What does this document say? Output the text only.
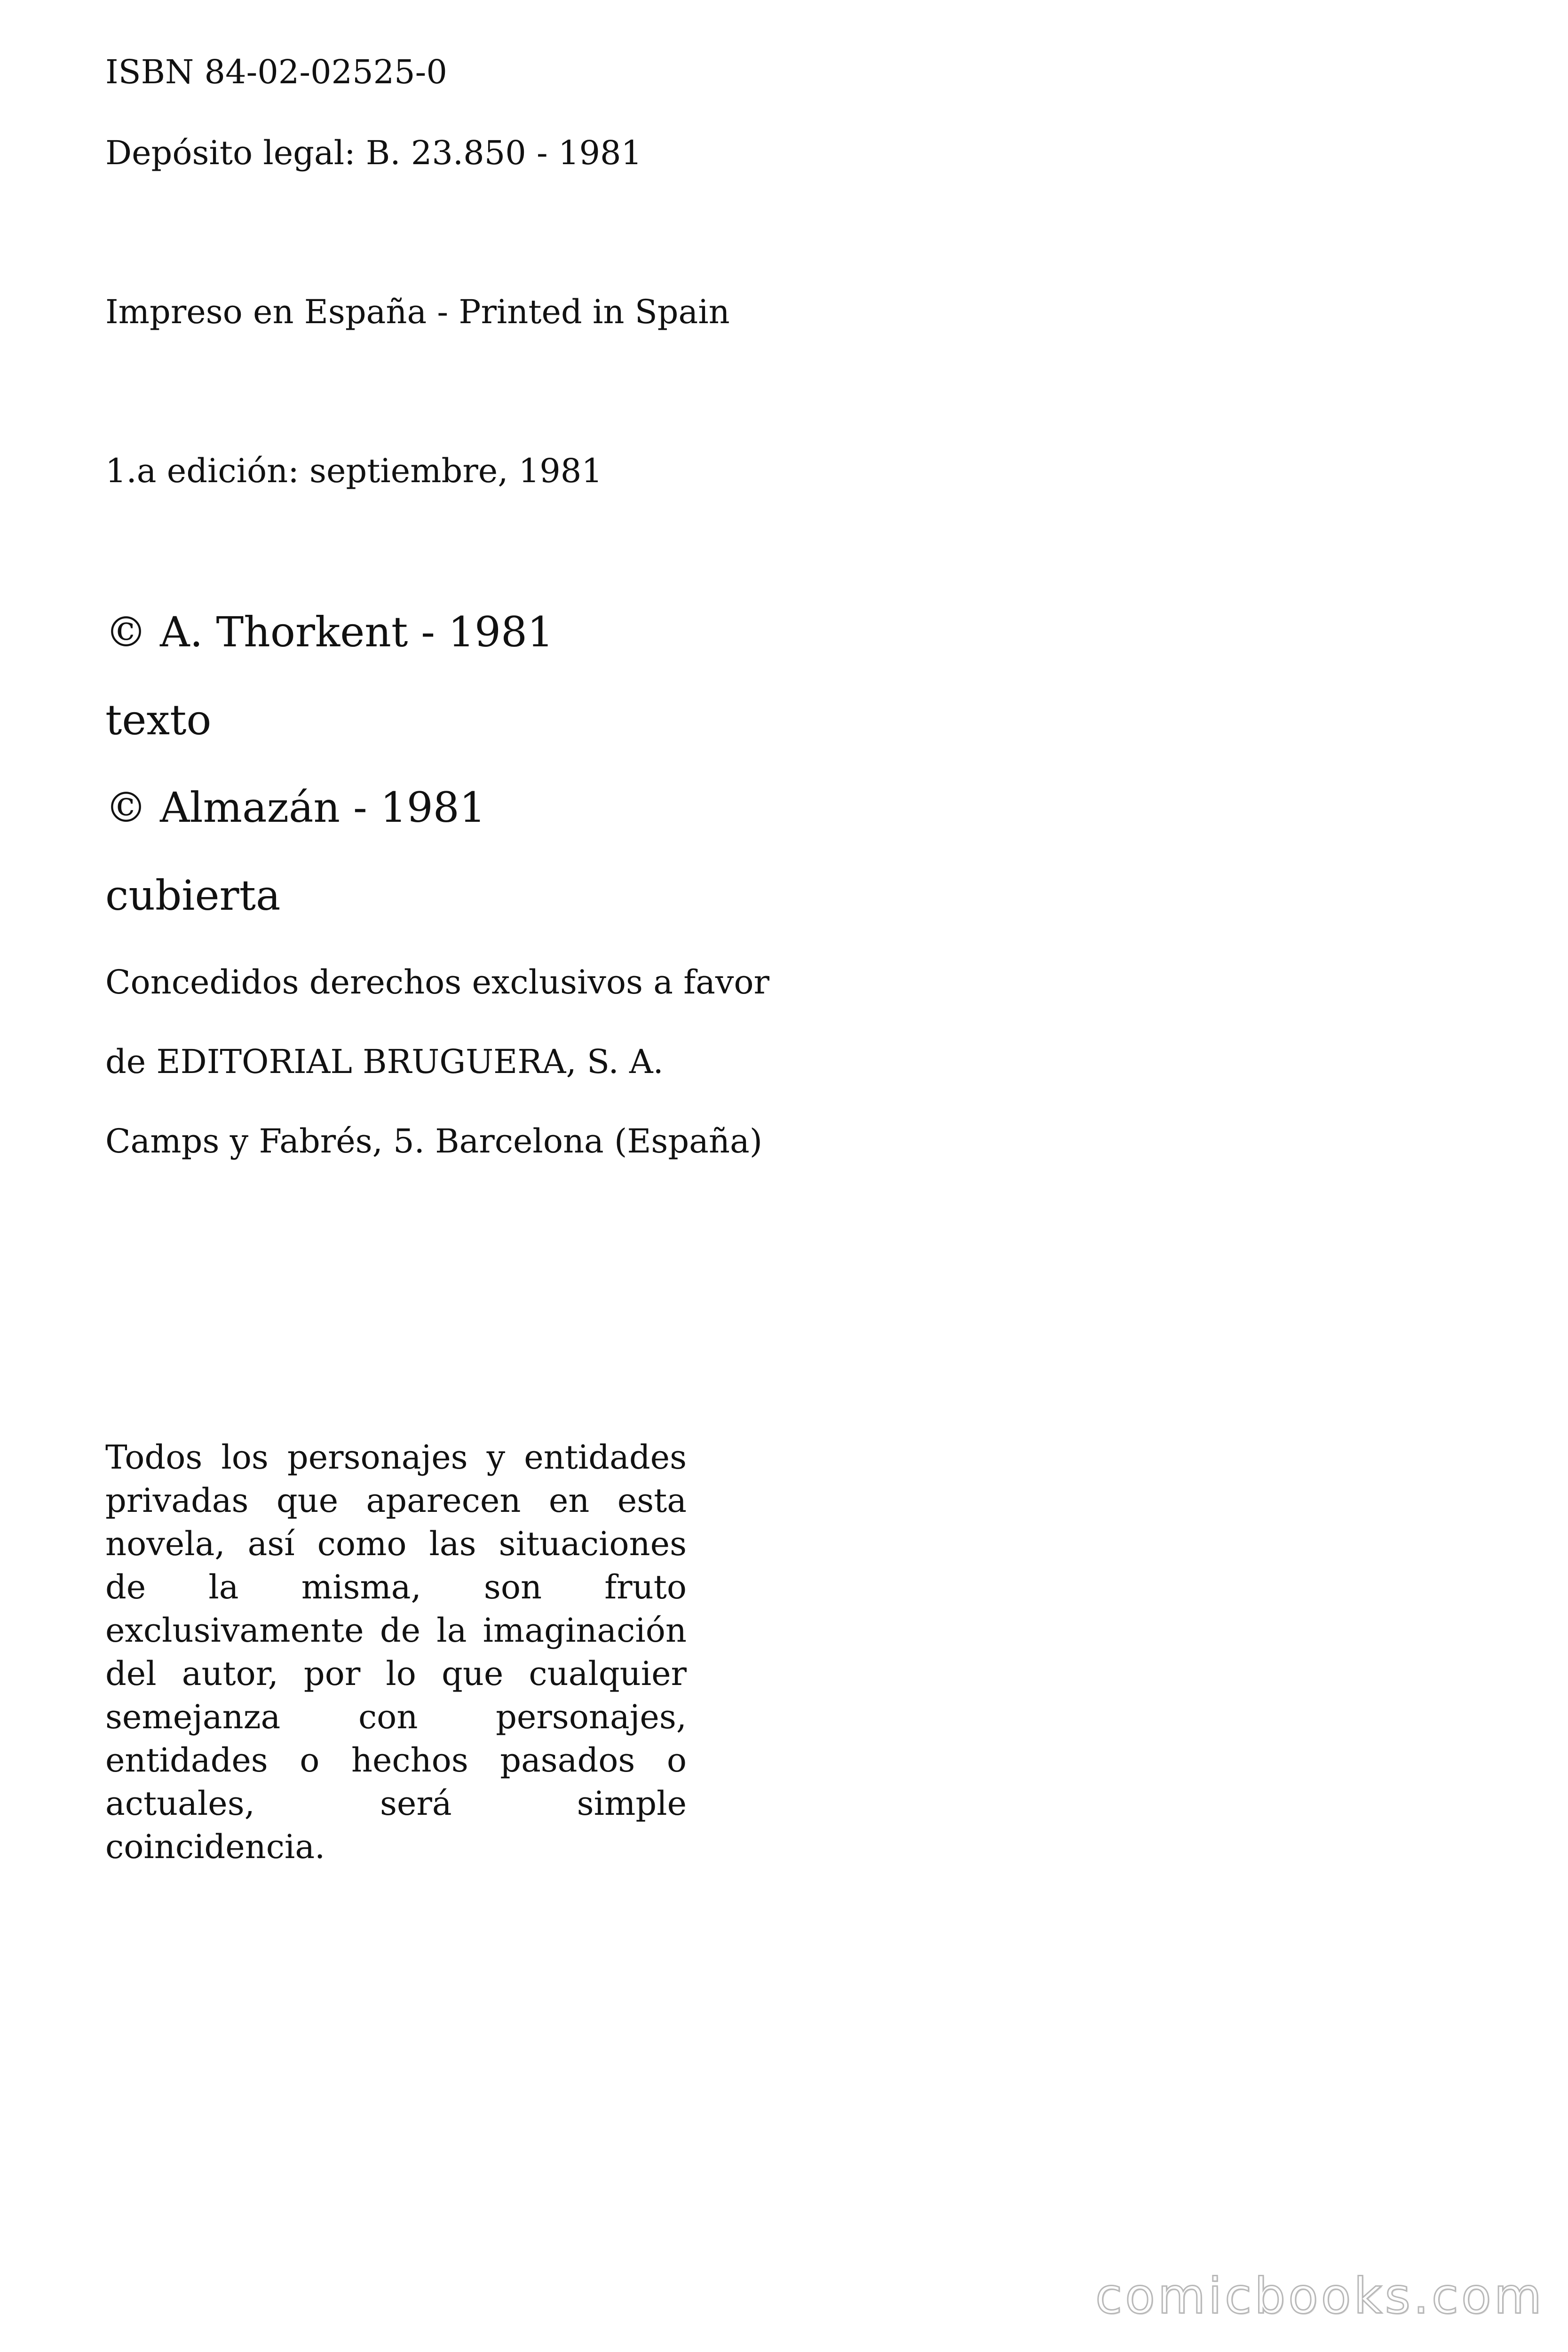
ISBN 84-02-02525-0

Depósito legal: B. 23.850 - 1981

Impreso en España - Printed in Spain

1.a edición: septiembre, 1981

© A. Thorkent - 1981

texto

© Almazán - 1981

cubierta

Concedidos derechos exclusivos a favor

de EDITORIAL BRUGUERA, S. A.

Camps y Fabrés, 5. Barcelona (España)

Todos los personajes y entidades privadas que aparecen en esta novela, así como las situaciones de la misma, son fruto exclusivamente de la imaginación del autor, por lo que cualquier semejanza con personajes, entidades o hechos pasados o actuales, será simple coincidencia.

comicbooks.com
